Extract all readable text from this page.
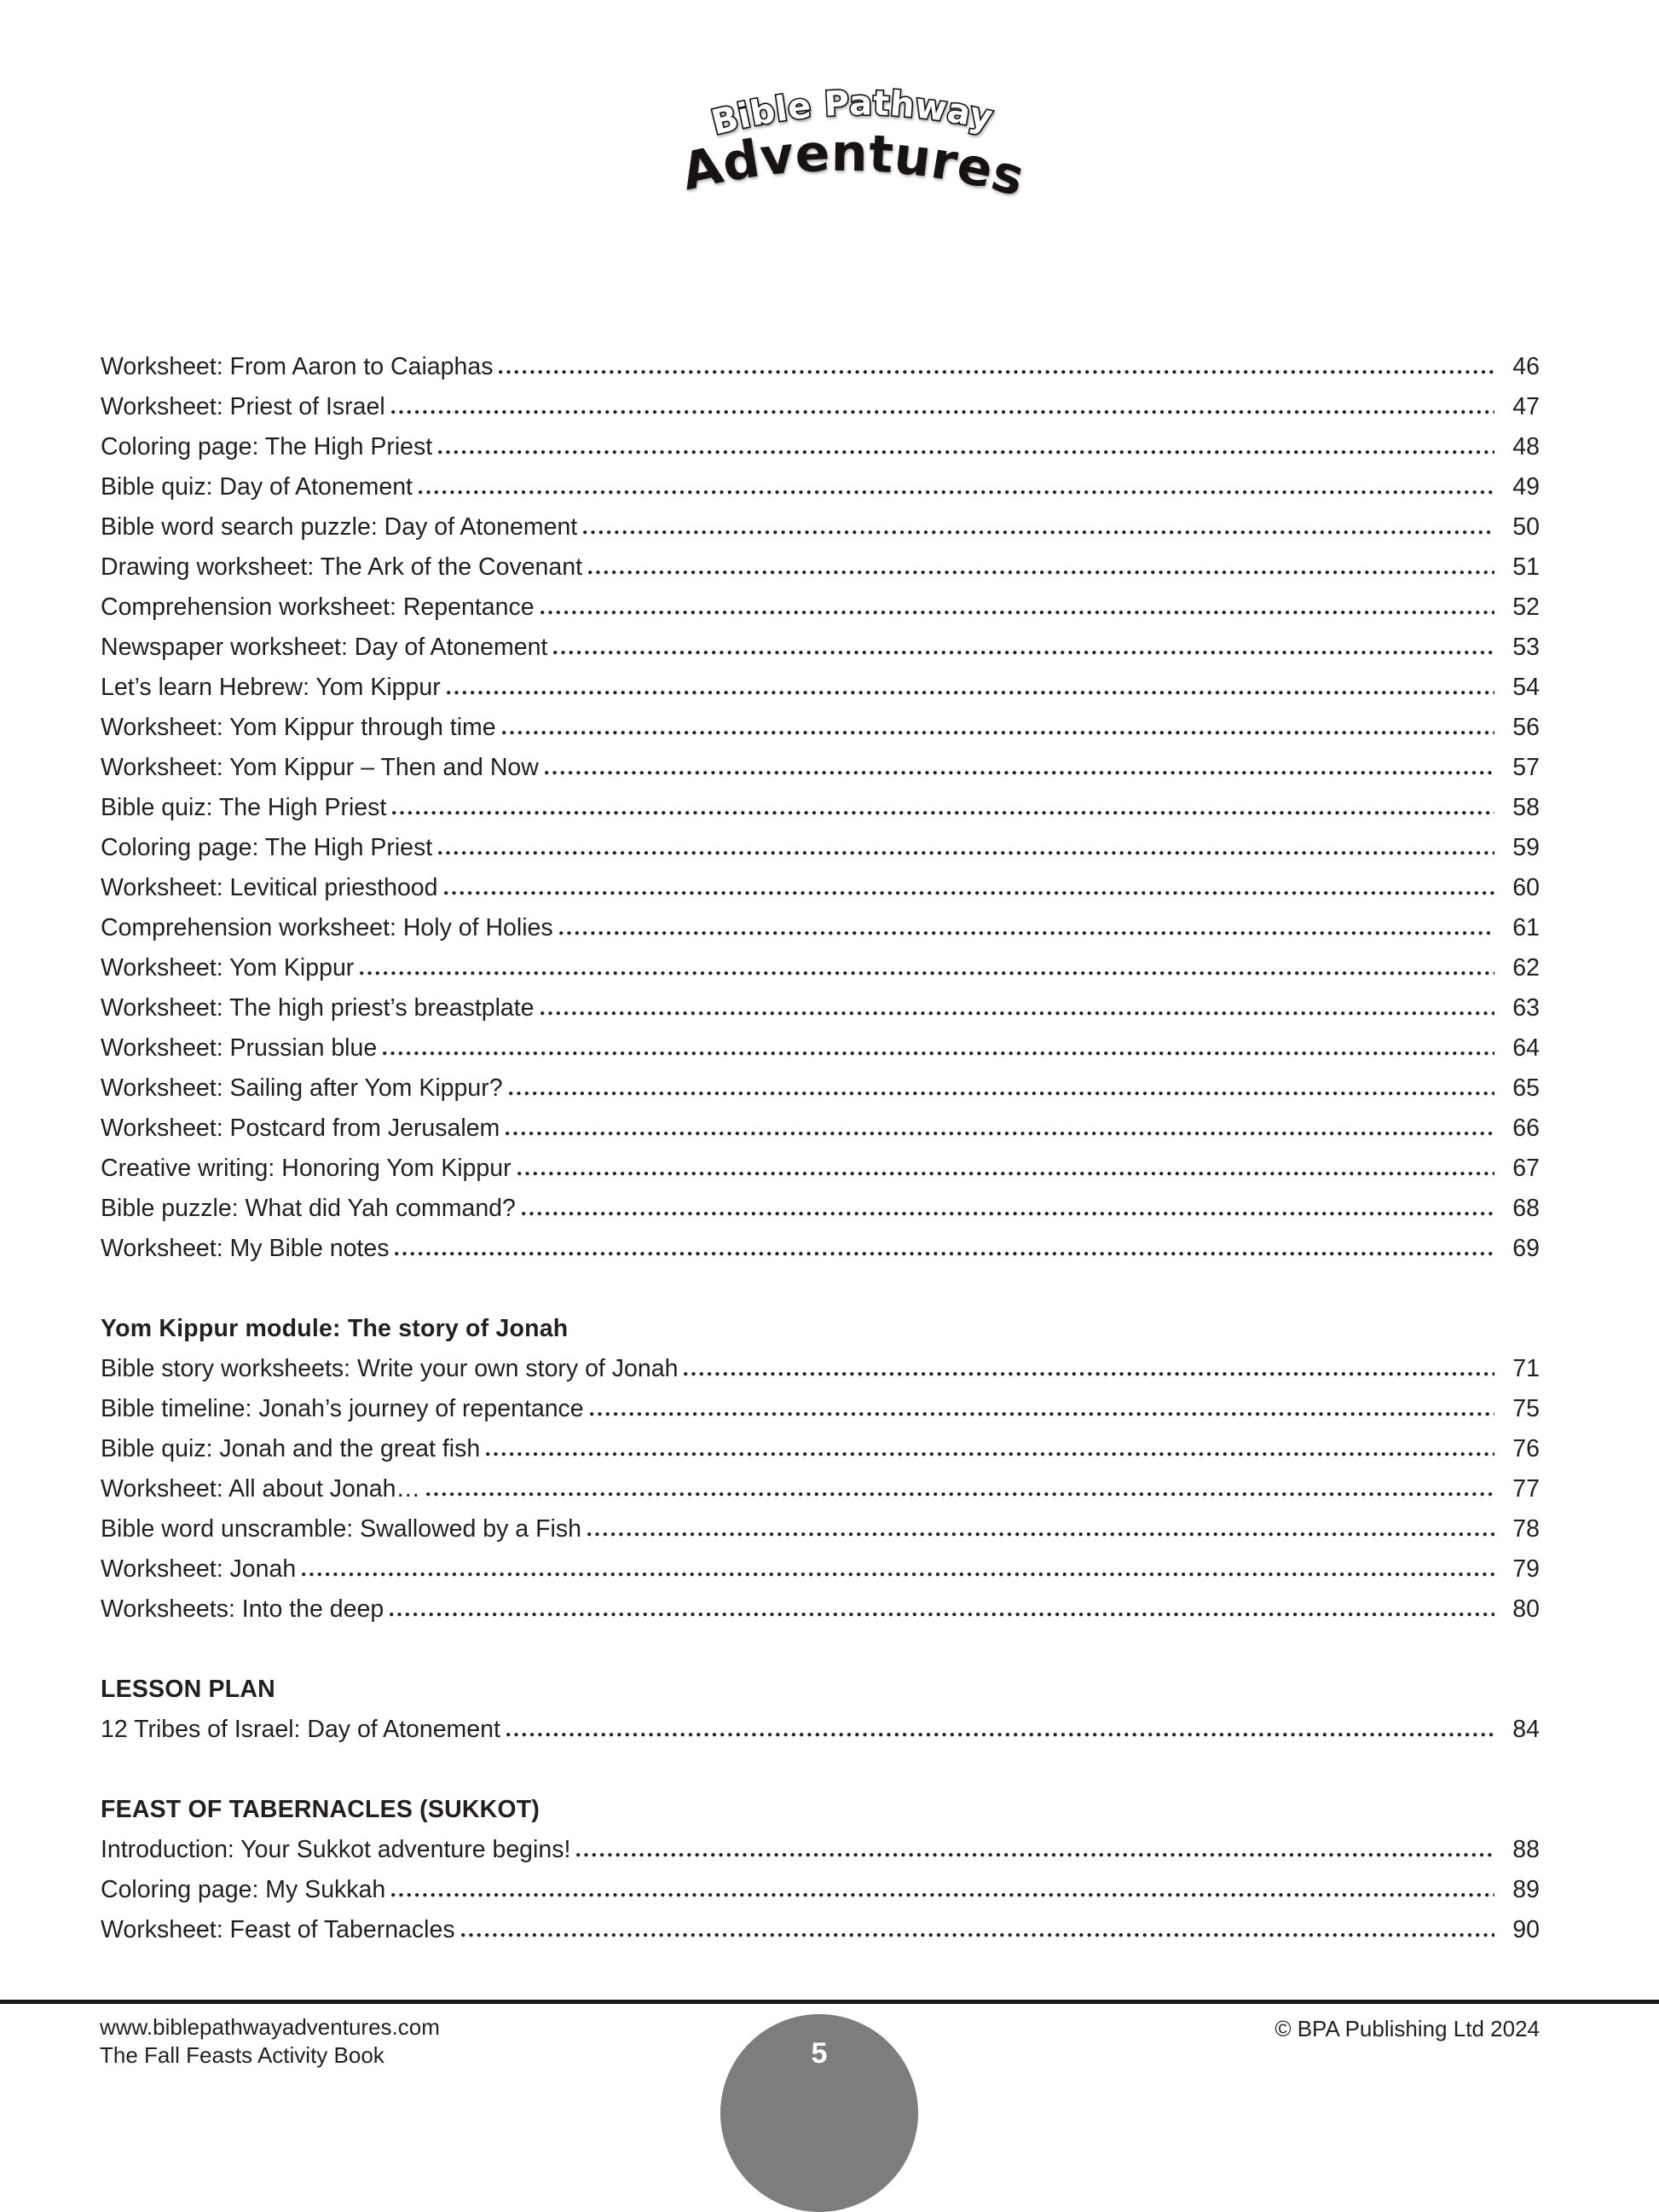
Bible Pathway
Adventures
Worksheet: From Aaron to Caiaphas	46
Worksheet: Priest of Israel	47
Coloring page: The High Priest	48
Bible quiz: Day of Atonement	49
Bible word search puzzle: Day of Atonement	50
Drawing worksheet: The Ark of the Covenant	51
Comprehension worksheet: Repentance	52
Newspaper worksheet: Day of Atonement	53
Let’s learn Hebrew: Yom Kippur	54
Worksheet: Yom Kippur through time	56
Worksheet: Yom Kippur – Then and Now	57
Bible quiz: The High Priest	58
Coloring page: The High Priest	59
Worksheet: Levitical priesthood	60
Comprehension worksheet: Holy of Holies	61
Worksheet: Yom Kippur	62
Worksheet: The high priest’s breastplate	63
Worksheet: Prussian blue	64
Worksheet: Sailing after Yom Kippur?	65
Worksheet: Postcard from Jerusalem	66
Creative writing: Honoring Yom Kippur	67
Bible puzzle: What did Yah command?	68
Worksheet: My Bible notes	69
Yom Kippur module: The story of Jonah
Bible story worksheets: Write your own story of Jonah	71
Bible timeline: Jonah’s journey of repentance	75
Bible quiz: Jonah and the great fish	76
Worksheet: All about Jonah…	77
Bible word unscramble: Swallowed by a Fish	78
Worksheet: Jonah	79
Worksheets: Into the deep	80
LESSON PLAN
12 Tribes of Israel: Day of Atonement	84
FEAST OF TABERNACLES (SUKKOT)
Introduction: Your Sukkot adventure begins!	88
Coloring page: My Sukkah	89
Worksheet: Feast of Tabernacles	90
www.biblepathwayadventures.com
The Fall Feasts Activity Book
© BPA Publishing Ltd 2024
5
